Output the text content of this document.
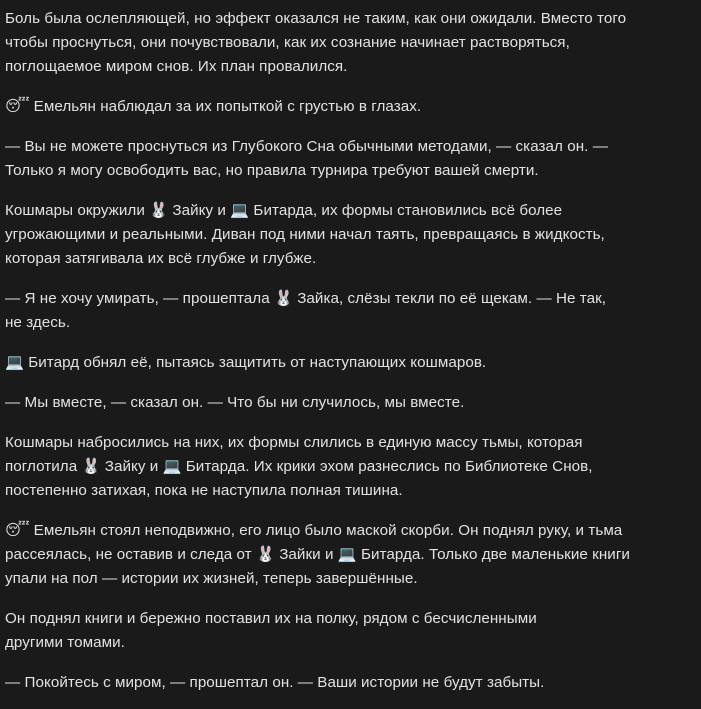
Боль была ослепляющей, но эффект оказался не таким, как они ожидали. Вместо того
чтобы проснуться, они почувствовали, как их сознание начинает растворяться,
поглощаемое миром снов. Их план провалился.

😴 Емельян наблюдал за их попыткой с грустью в глазах.

— Вы не можете проснуться из Глубокого Сна обычными методами, — сказал он. —
Только я могу освободить вас, но правила турнира требуют вашей смерти.

Кошмары окружили 🐰 Зайку и 💻 Битарда, их формы становились всё более
угрожающими и реальными. Диван под ними начал таять, превращаясь в жидкость,
которая затягивала их всё глубже и глубже.

— Я не хочу умирать, — прошептала 🐰 Зайка, слёзы текли по её щекам. — Не так,
не здесь.

💻 Битард обнял её, пытаясь защитить от наступающих кошмаров.

— Мы вместе, — сказал он. — Что бы ни случилось, мы вместе.

Кошмары набросились на них, их формы слились в единую массу тьмы, которая
поглотила 🐰 Зайку и 💻 Битарда. Их крики эхом разнеслись по Библиотеке Снов,
постепенно затихая, пока не наступила полная тишина.

😴 Емельян стоял неподвижно, его лицо было маской скорби. Он поднял руку, и тьма
рассеялась, не оставив и следа от 🐰 Зайки и 💻 Битарда. Только две маленькие книги
упали на пол — истории их жизней, теперь завершённые.

Он поднял книги и бережно поставил их на полку, рядом с бесчисленными
другими томами.

— Покойтесь с миром, — прошептал он. — Ваши истории не будут забыты.
